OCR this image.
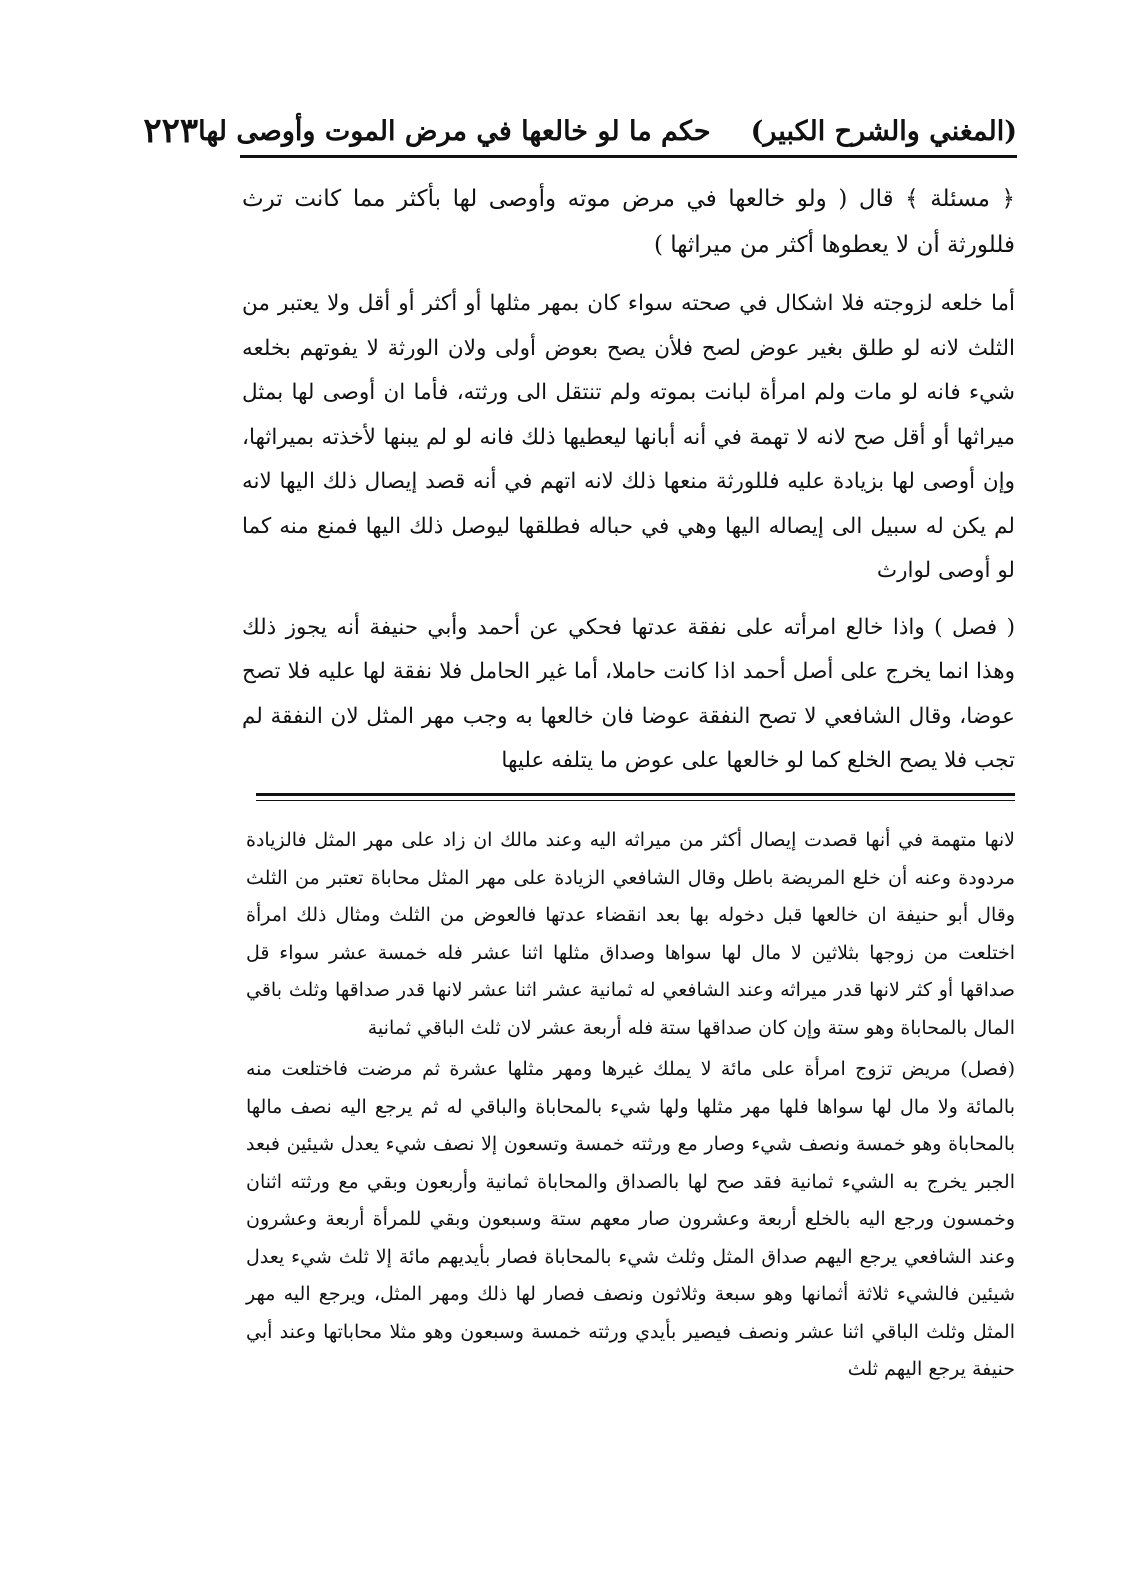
(المغني والشرح الكبير)
حكم ما لو خالعها في مرض الموت وأوصى لها
٢٢٣

﴿ مسئلة ﴾ قال ( ولو خالعها في مرض موته وأوصى لها بأكثر مما كانت ترث فللورثة أن لا يعطوها أكثر من ميراثها )

أما خلعه لزوجته فلا اشكال في صحته سواء كان بمهر مثلها أو أكثر أو أقل ولا يعتبر من الثلث لانه لو طلق بغير عوض لصح فلأن يصح بعوض أولى ولان الورثة لا يفوتهم بخلعه شيء فانه لو مات ولم امرأة لبانت بموته ولم تنتقل الى ورثته، فأما ان أوصى لها بمثل ميراثها أو أقل صح لانه لا تهمة في أنه أبانها ليعطيها ذلك فانه لو لم يبنها لأخذته بميراثها، وإن أوصى لها بزيادة عليه فللورثة منعها ذلك لانه اتهم في أنه قصد إيصال ذلك اليها لانه لم يكن له سبيل الى إيصاله اليها وهي في حباله فطلقها ليوصل ذلك اليها فمنع منه كما لو أوصى لوارث

( فصل ) واذا خالع امرأته على نفقة عدتها فحكي عن أحمد وأبي حنيفة أنه يجوز ذلك وهذا انما يخرج على أصل أحمد اذا كانت حاملا، أما غير الحامل فلا نفقة لها عليه فلا تصح عوضا، وقال الشافعي لا تصح النفقة عوضا فان خالعها به وجب مهر المثل لان النفقة لم تجب فلا يصح الخلع كما لو خالعها على عوض ما يتلفه عليها

لانها متهمة في أنها قصدت إيصال أكثر من ميراثه اليه وعند مالك ان زاد على مهر المثل فالزيادة مردودة وعنه أن خلع المريضة باطل وقال الشافعي الزيادة على مهر المثل محاباة تعتبر من الثلث وقال أبو حنيفة ان خالعها قبل دخوله بها بعد انقضاء عدتها فالعوض من الثلث ومثال ذلك امرأة اختلعت من زوجها بثلاثين لا مال لها سواها وصداق مثلها اثنا عشر فله خمسة عشر سواء قل صداقها أو كثر لانها قدر ميراثه وعند الشافعي له ثمانية عشر اثنا عشر لانها قدر صداقها وثلث باقي المال بالمحاباة وهو ستة وإن كان صداقها ستة فله أربعة عشر لان ثلث الباقي ثمانية

(فصل) مريض تزوج امرأة على مائة لا يملك غيرها ومهر مثلها عشرة ثم مرضت فاختلعت منه بالمائة ولا مال لها سواها فلها مهر مثلها ولها شيء بالمحاباة والباقي له ثم يرجع اليه نصف مالها بالمحاباة وهو خمسة ونصف شيء وصار مع ورثته خمسة وتسعون إلا نصف شيء يعدل شيئين فبعد الجبر يخرج به الشيء ثمانية فقد صح لها بالصداق والمحاباة ثمانية وأربعون وبقي مع ورثته اثنان وخمسون ورجع اليه بالخلع أربعة وعشرون صار معهم ستة وسبعون وبقي للمرأة أربعة وعشرون وعند الشافعي يرجع اليهم صداق المثل وثلث شيء بالمحاباة فصار بأيديهم مائة إلا ثلث شيء يعدل شيئين فالشيء ثلاثة أثمانها وهو سبعة وثلاثون ونصف فصار لها ذلك ومهر المثل، ويرجع اليه مهر المثل وثلث الباقي اثنا عشر ونصف فيصير بأيدي ورثته خمسة وسبعون وهو مثلا محاباتها وعند أبي حنيفة يرجع اليهم ثلث
